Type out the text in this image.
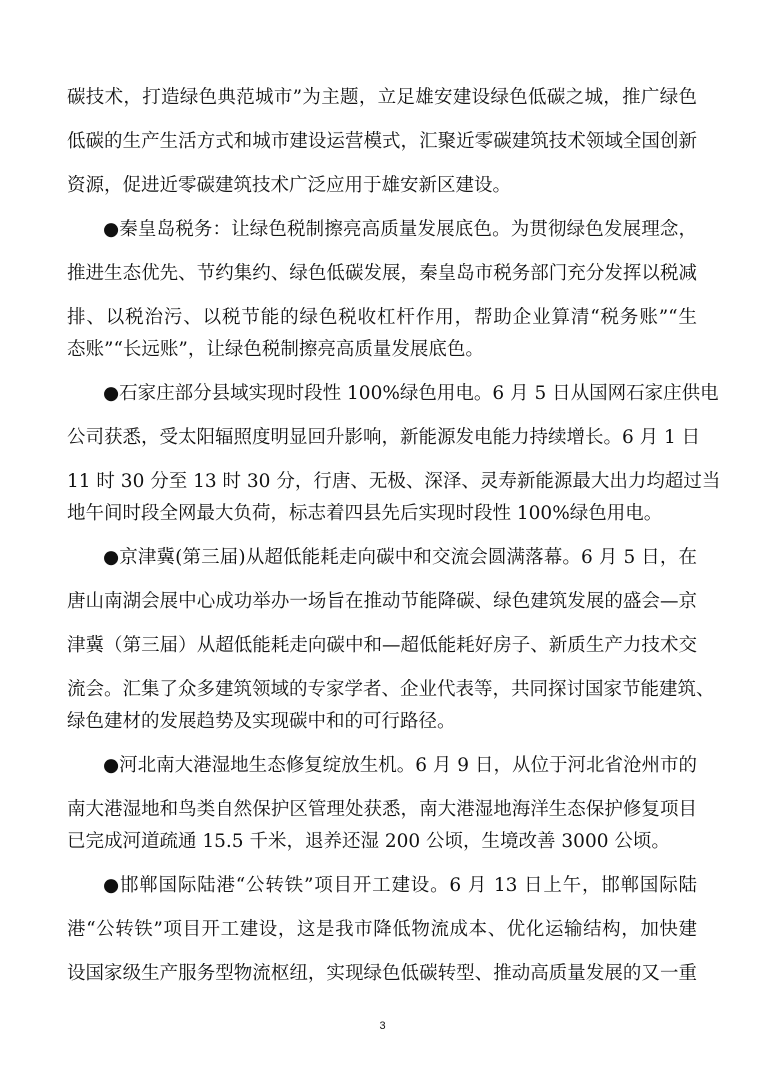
碳技术，打造绿色典范城市”为主题，立足雄安建设绿色低碳之城，推广绿色
低碳的生产生活方式和城市建设运营模式，汇聚近零碳建筑技术领域全国创新
资源，促进近零碳建筑技术广泛应用于雄安新区建设。
●秦皇岛税务：让绿色税制擦亮高质量发展底色。为贯彻绿色发展理念，
推进生态优先、节约集约、绿色低碳发展，秦皇岛市税务部门充分发挥以税减
排、以税治污、以税节能的绿色税收杠杆作用，帮助企业算清“税务账”“生
态账”“长远账”，让绿色税制擦亮高质量发展底色。
●石家庄部分县域实现时段性 100%绿色用电。6 月 5 日从国网石家庄供电
公司获悉，受太阳辐照度明显回升影响，新能源发电能力持续增长。6 月 1 日
11 时 30 分至 13 时 30 分，行唐、无极、深泽、灵寿新能源最大出力均超过当
地午间时段全网最大负荷，标志着四县先后实现时段性 100%绿色用电。
●京津冀(第三届)从超低能耗走向碳中和交流会圆满落幕。6 月 5 日，在
唐山南湖会展中心成功举办一场旨在推动节能降碳、绿色建筑发展的盛会—京
津冀（第三届）从超低能耗走向碳中和—超低能耗好房子、新质生产力技术交
流会。汇集了众多建筑领域的专家学者、企业代表等，共同探讨国家节能建筑、
绿色建材的发展趋势及实现碳中和的可行路径。
●河北南大港湿地生态修复绽放生机。6 月 9 日，从位于河北省沧州市的
南大港湿地和鸟类自然保护区管理处获悉，南大港湿地海洋生态保护修复项目
已完成河道疏通 15.5 千米，退养还湿 200 公顷，生境改善 3000 公顷。
●邯郸国际陆港“公转铁”项目开工建设。6 月 13 日上午，邯郸国际陆
港“公转铁”项目开工建设，这是我市降低物流成本、优化运输结构，加快建
设国家级生产服务型物流枢纽，实现绿色低碳转型、推动高质量发展的又一重
3
